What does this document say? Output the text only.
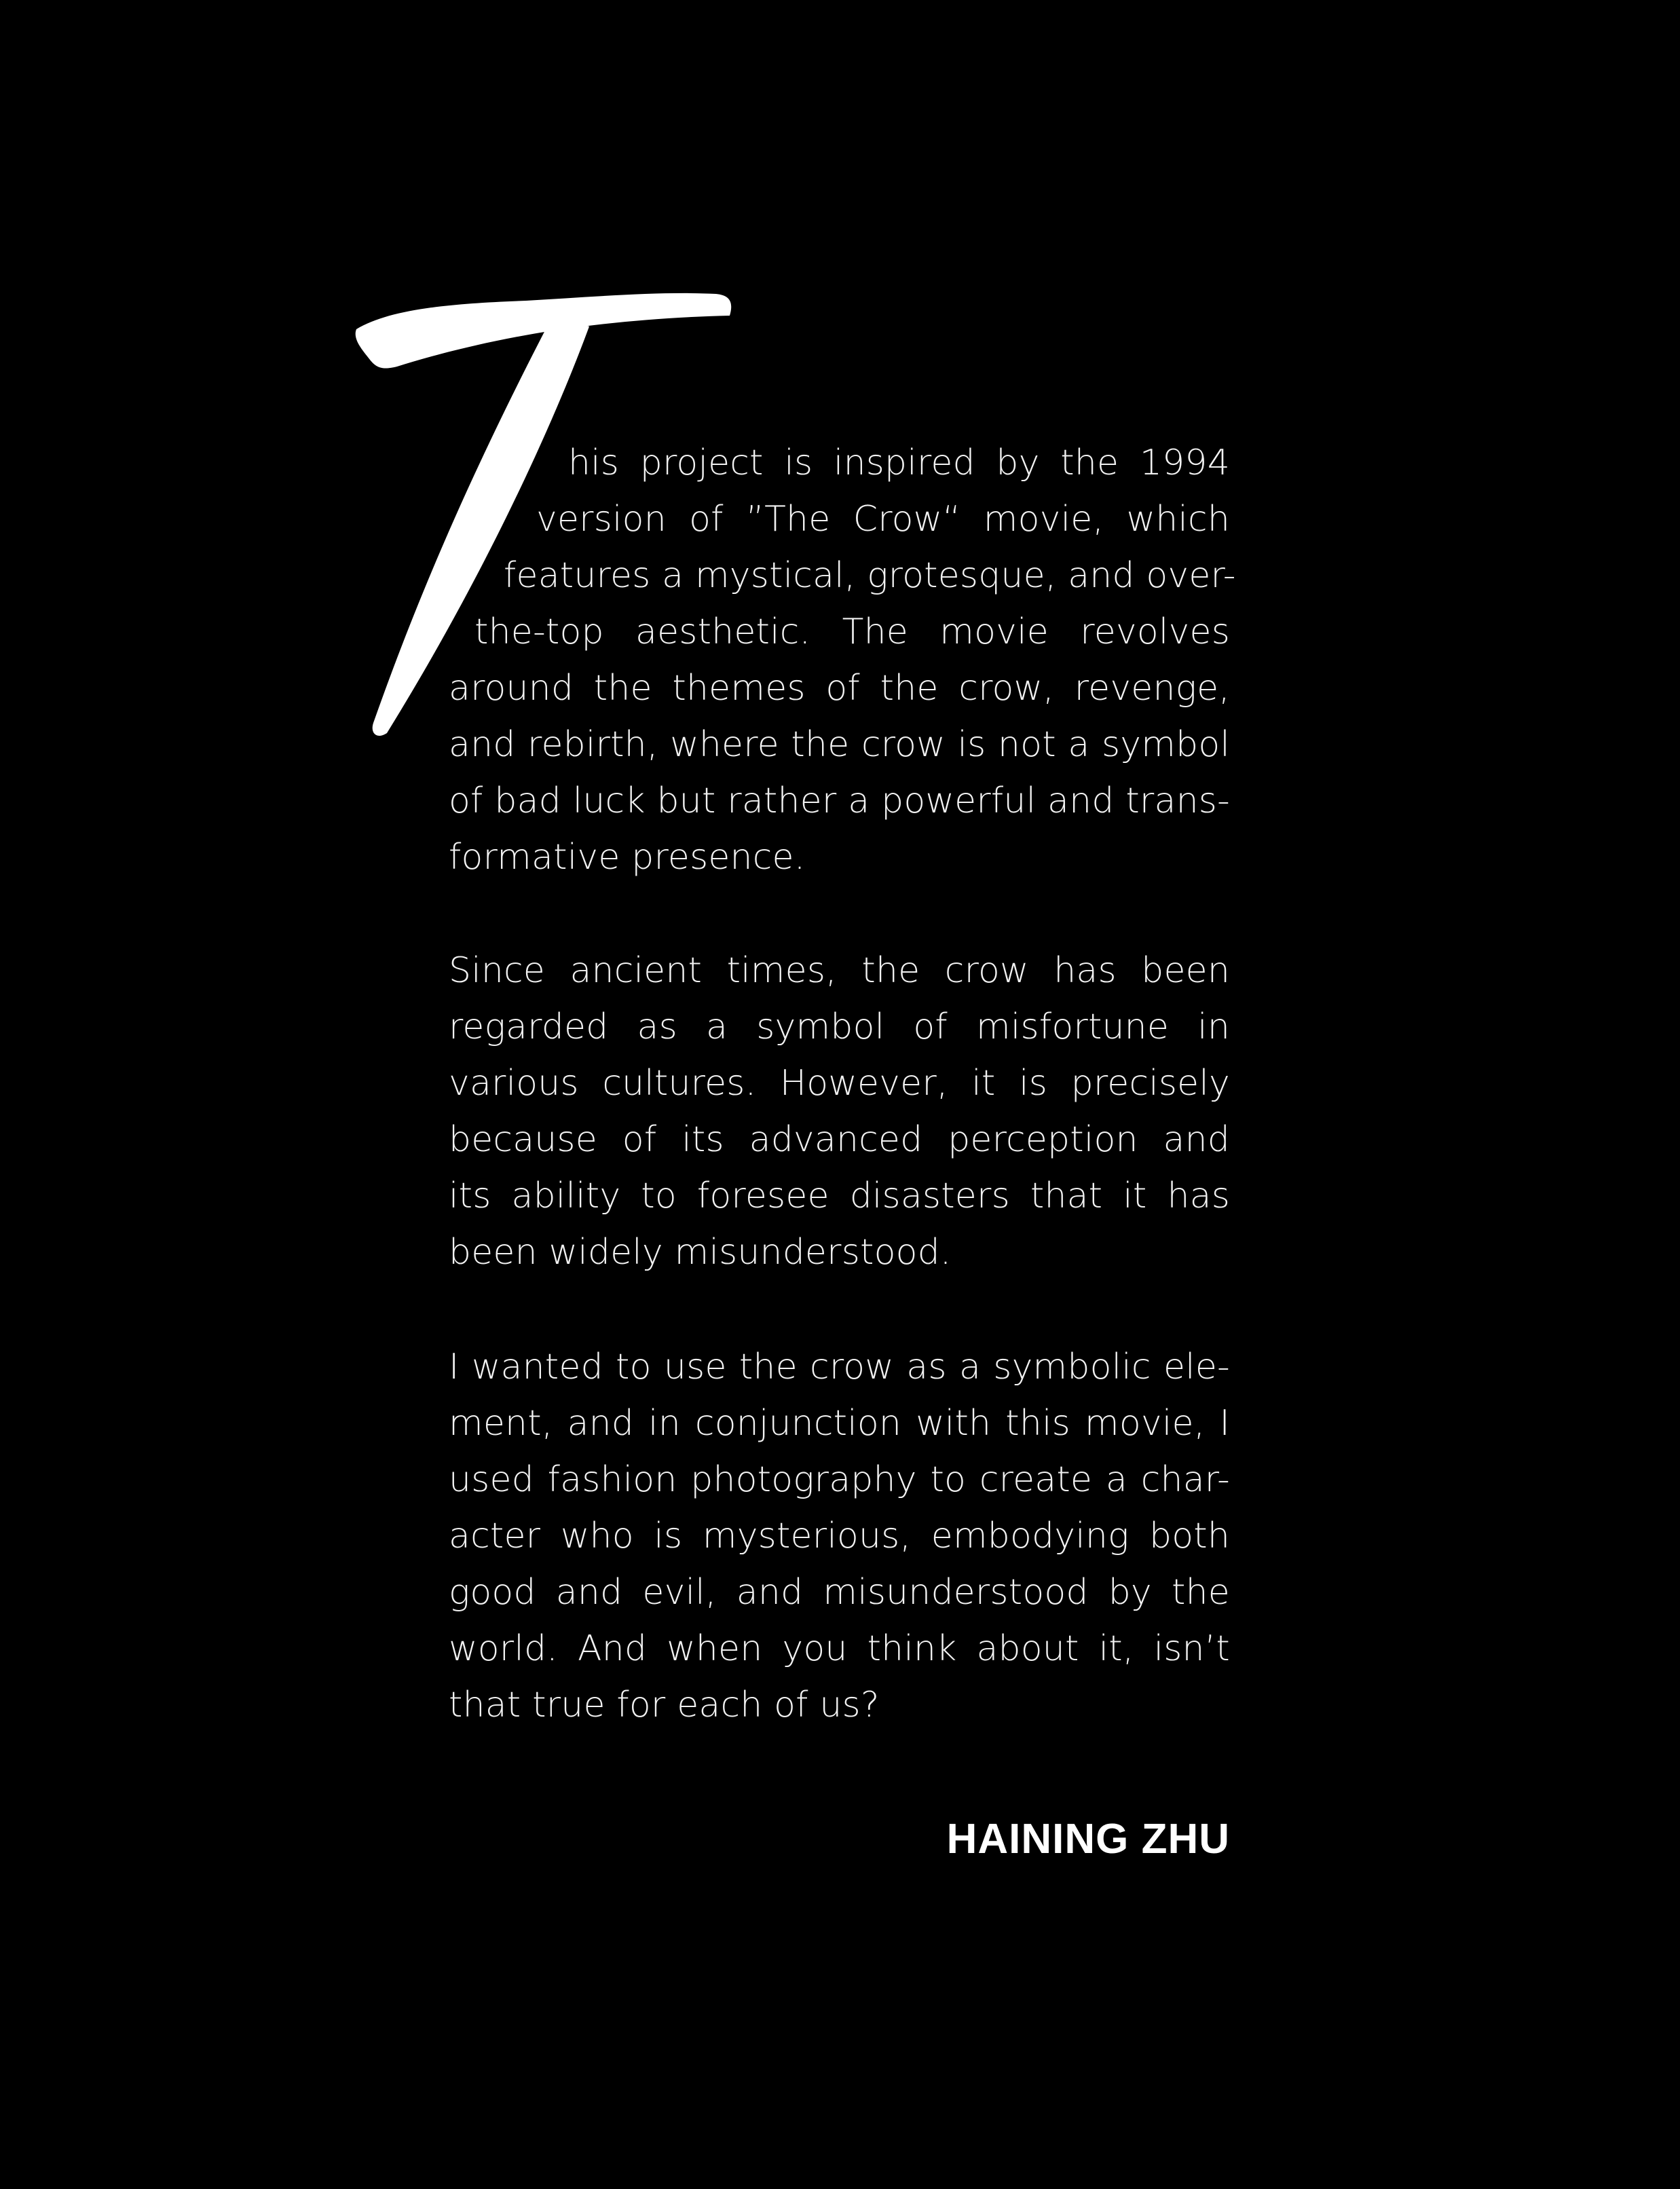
his project is inspired by the 1994
version of ”The Crow“ movie, which
features a mystical, grotesque, and over-
the-top aesthetic. The movie revolves
around the themes of the crow, revenge,
and rebirth, where the crow is not a symbol
of bad luck but rather a powerful and trans-
formative presence.
Since ancient times, the crow has been
regarded as a symbol of misfortune in
various cultures. However, it is precisely
because of its advanced perception and
its ability to foresee disasters that it has
been widely misunderstood.
I wanted to use the crow as a symbolic ele-
ment, and in conjunction with this movie, I
used fashion photography to create a char-
acter who is mysterious, embodying both
good and evil, and misunderstood by the
world. And when you think about it, isn’t
that true for each of us?
HAINING ZHU
